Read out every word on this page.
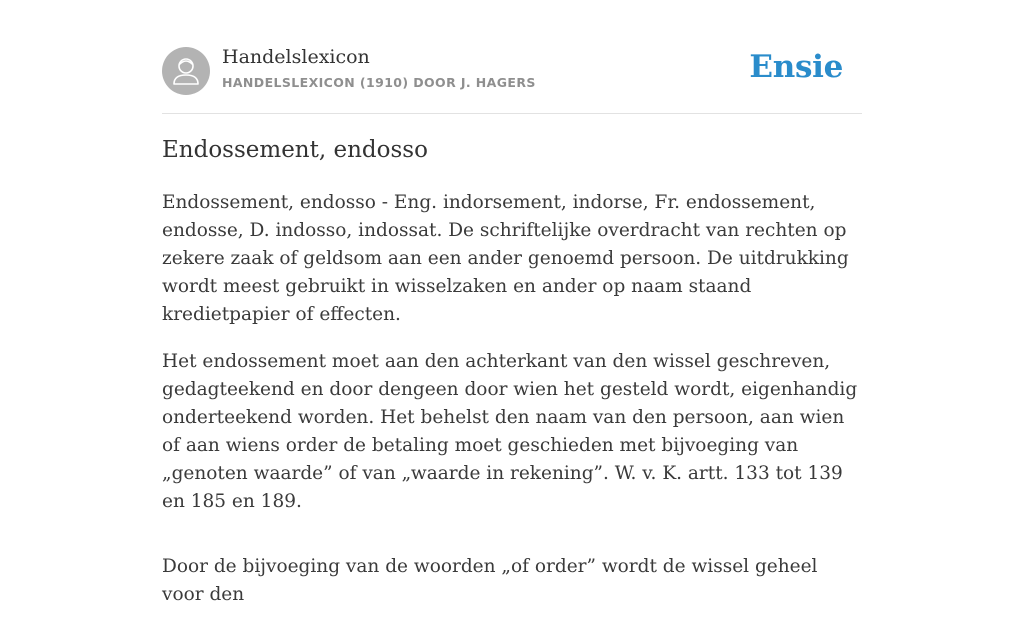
Handelslexicon
HANDELSLEXICON (1910) DOOR J. HAGERS	Ensie
Endossement, endosso

Endossement, endosso - Eng. indorsement, indorse, Fr. endossement, endosse, D. indosso, indossat. De schriftelijke overdracht van rechten op zekere zaak of geldsom aan een ander genoemd persoon. De uitdrukking wordt meest gebruikt in wisselzaken en ander op naam staand kredietpapier of effecten.

Het endossement moet aan den achterkant van den wissel geschreven, gedagteekend en door dengeen door wien het gesteld wordt, eigenhandig onderteekend worden. Het behelst den naam van den persoon, aan wien of aan wiens order de betaling moet geschieden met bijvoeging van „genoten waarde” of van „waarde in rekening”. W. v. K. artt. 133 tot 139 en 185 en 189.

Door de bijvoeging van de woorden „of order” wordt de wissel geheel voor den
